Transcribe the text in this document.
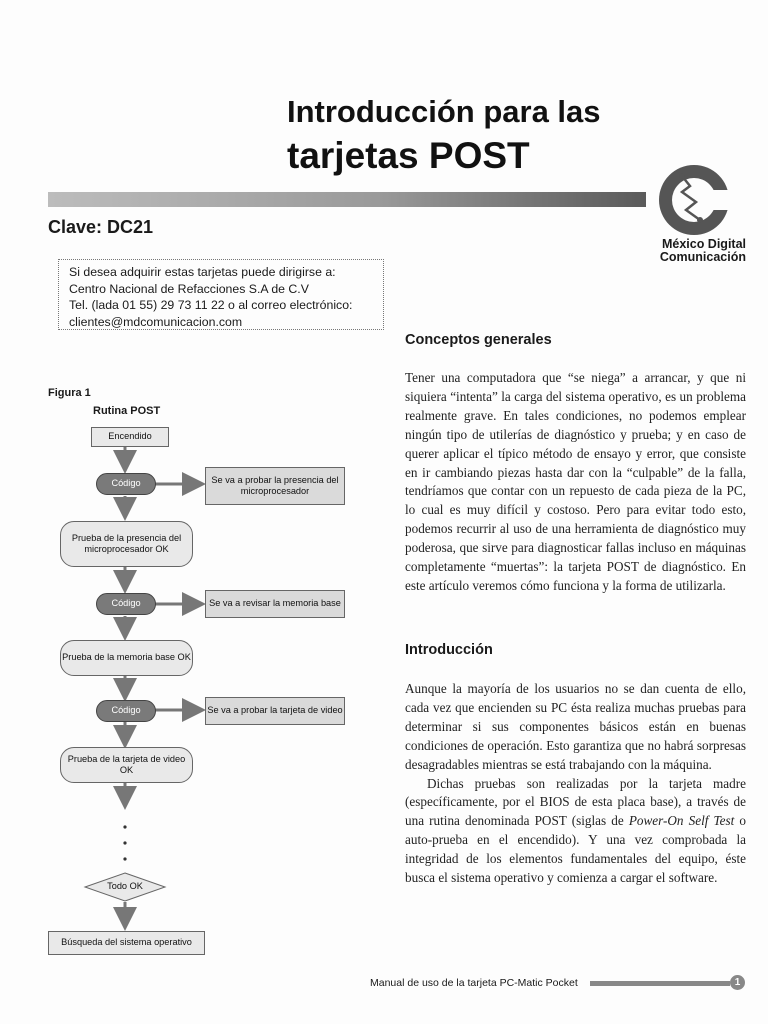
Introducción para las
tarjetas POST
Clave: DC21
Si desea adquirir estas tarjetas puede dirigirse a:
Centro Nacional de Refacciones S.A de C.V
Tel. (lada 01 55) 29 73 11 22 o al correo electrónico:
clientes@mdcomunicacion.com
México Digital
Comunicación
Conceptos generales

Tener una computadora que “se niega” a arrancar, y que ni siquiera “intenta” la carga del sistema operativo, es un problema realmente grave. En tales condiciones, no podemos emplear ningún tipo de utilerías de diagnóstico y prueba; y en caso de querer aplicar el típico método de ensayo y error, que consiste en ir cambiando piezas hasta dar con la “culpable” de la falla, tendríamos que contar con un repuesto de cada pieza de la PC, lo cual es muy difícil y costoso. Pero para evitar todo esto, podemos recurrir al uso de una herramienta de diagnóstico muy poderosa, que sirve para diagnosticar fallas incluso en máquinas completamente “muertas”: la tarjeta POST de diagnóstico. En este artículo veremos cómo funciona y la forma de utilizarla.

Introducción

Aunque la mayoría de los usuarios no se dan cuenta de ello, cada vez que encienden su PC ésta realiza muchas pruebas para determinar si sus componentes básicos están en buenas condiciones de operación. Esto garantiza que no habrá sorpresas desagradables mientras se está trabajando con la máquina.

Dichas pruebas son realizadas por la tarjeta madre (específicamente, por el BIOS de esta placa base), a través de una rutina denominada POST (siglas de Power-On Self Test o auto-prueba en el encendido). Y una vez comprobada la integridad de los elementos fundamentales del equipo, éste busca el sistema operativo y comienza a cargar el software.

Figura 1
Rutina POST
Encendido
Código	Se va a probar la presencia del microprocesador
Prueba de la presencia del microprocesador OK
Código	Se va a revisar la memoria base
Prueba de la memoria base OK
Código	Se va a probar la tarjeta de video
Prueba de la tarjeta de video OK
Todo OK
Búsqueda del sistema operativo
Manual de uso de la tarjeta PC-Matic Pocket	1
